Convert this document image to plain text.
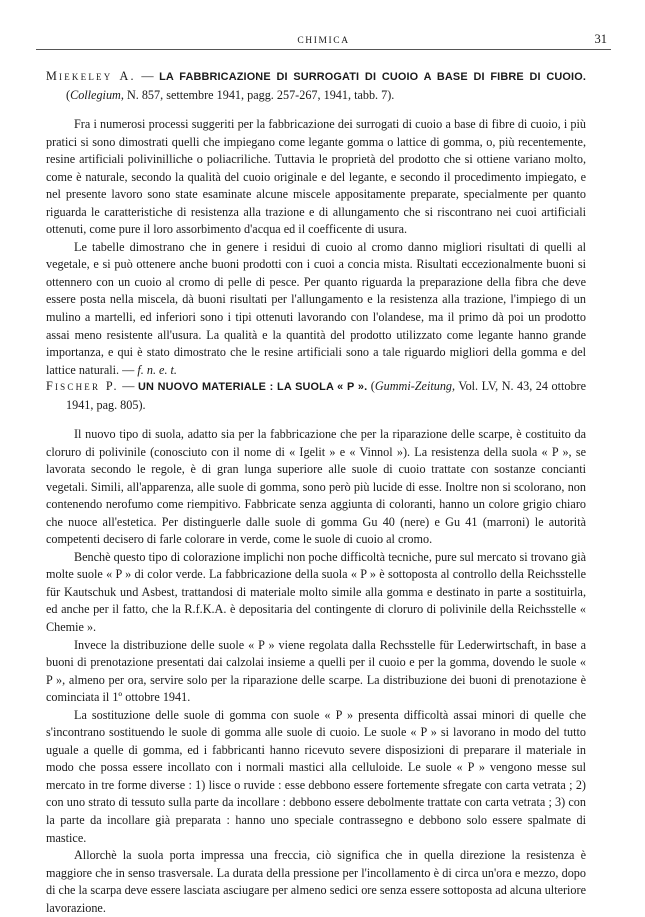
CHIMICA	31

Miekeley A. — LA FABBRICAZIONE DI SURROGATI DI CUOIO A BASE DI FIBRE DI CUOIO. (Collegium, N. 857, settembre 1941, pagg. 257-267, 1941, tabb. 7).

Fra i numerosi processi suggeriti per la fabbricazione dei surrogati di cuoio a base di fibre di cuoio, i più pratici si sono dimostrati quelli che impiegano come legante gomma o lattice di gomma, o, più recentemente, resine artificiali polivinilliche o poliacriliche. Tuttavia le proprietà del prodotto che si ottiene variano molto, come è naturale, secondo la qualità del cuoio originale e del legante, e secondo il procedimento impiegato, e nel presente lavoro sono state esaminate alcune miscele appositamente preparate, specialmente per quanto riguarda le caratteristiche di resistenza alla trazione e di allungamento che si riscontrano nei cuoi artificiali ottenuti, come pure il loro assorbimento d'acqua ed il coefficente di usura.

Le tabelle dimostrano che in genere i residui di cuoio al cromo danno migliori risultati di quelli al vegetale, e si può ottenere anche buoni prodotti con i cuoi a concia mista. Risultati eccezionalmente buoni si ottennero con un cuoio al cromo di pelle di pesce. Per quanto riguarda la preparazione della fibra che deve essere posta nella miscela, dà buoni risultati per l'allungamento e la resistenza alla trazione, l'impiego di un mulino a martelli, ed inferiori sono i tipi ottenuti lavorando con l'olandese, ma il primo dà poi un prodotto assai meno resistente all'usura. La qualità e la quantità del prodotto utilizzato come legante hanno grande importanza, e qui è stato dimostrato che le resine artificiali sono a tale riguardo migliori della gomma e del lattice naturali. — f. n. e. t.

Fischer P. — UN NUOVO MATERIALE : LA SUOLA « P ». (Gummi-Zeitung, Vol. LV, N. 43, 24 ottobre 1941, pag. 805).

Il nuovo tipo di suola, adatto sia per la fabbricazione che per la riparazione delle scarpe, è costituito da cloruro di polivinile (conosciuto con il nome di « Igelit » e « Vinnol »). La resistenza della suola « P », se lavorata secondo le regole, è di gran lunga superiore alle suole di cuoio trattate con sostanze concianti vegetali. Simili, all'apparenza, alle suole di gomma, sono però più lucide di esse. Inoltre non si scolorano, non contenendo nerofumo come riempitivo. Fabbricate senza aggiunta di coloranti, hanno un colore grigio chiaro che nuoce all'estetica. Per distinguerle dalle suole di gomma Gu 40 (nere) e Gu 41 (marroni) le autorità competenti decisero di farle colorare in verde, come le suole di cuoio al cromo.

Benchè questo tipo di colorazione implichi non poche difficoltà tecniche, pure sul mercato si trovano già molte suole « P » di color verde. La fabbricazione della suola « P » è sottoposta al controllo della Reichsstelle für Kautschuk und Asbest, trattandosi di materiale molto simile alla gomma e destinato in parte a sostituirla, ed anche per il fatto, che la R.f.K.A. è depositaria del contingente di cloruro di polivinile della Reichsstelle « Chemie ».

Invece la distribuzione delle suole « P » viene regolata dalla Rechsstelle für Lederwirtschaft, in base a buoni di prenotazione presentati dai calzolai insieme a quelli per il cuoio e per la gomma, dovendo le suole « P », almeno per ora, servire solo per la riparazione delle scarpe. La distribuzione dei buoni di prenotazione è cominciata il 1º ottobre 1941.

La sostituzione delle suole di gomma con suole « P » presenta difficoltà assai minori di quelle che s'incontrano sostituendo le suole di gomma alle suole di cuoio. Le suole « P » si lavorano in modo del tutto uguale a quelle di gomma, ed i fabbricanti hanno ricevuto severe disposizioni di preparare il materiale in modo che possa essere incollato con i normali mastici alla celluloide. Le suole « P » vengono messe sul mercato in tre forme diverse : 1) lisce o ruvide : esse debbono essere fortemente sfregate con carta vetrata ; 2) con uno strato di tessuto sulla parte da incollare : debbono essere debolmente trattate con carta vetrata ; 3) con la parte da incollare già preparata : hanno uno speciale contrassegno e debbono solo essere spalmate di mastice.

Allorchè la suola porta impressa una freccia, ciò significa che in quella direzione la resistenza è maggiore che in senso trasversale. La durata della pressione per l'incollamento è di circa un'ora e mezzo, dopo di che la scarpa deve essere lasciata asciugare per almeno sedici ore senza essere sottoposta ad alcuna ulteriore lavorazione.
